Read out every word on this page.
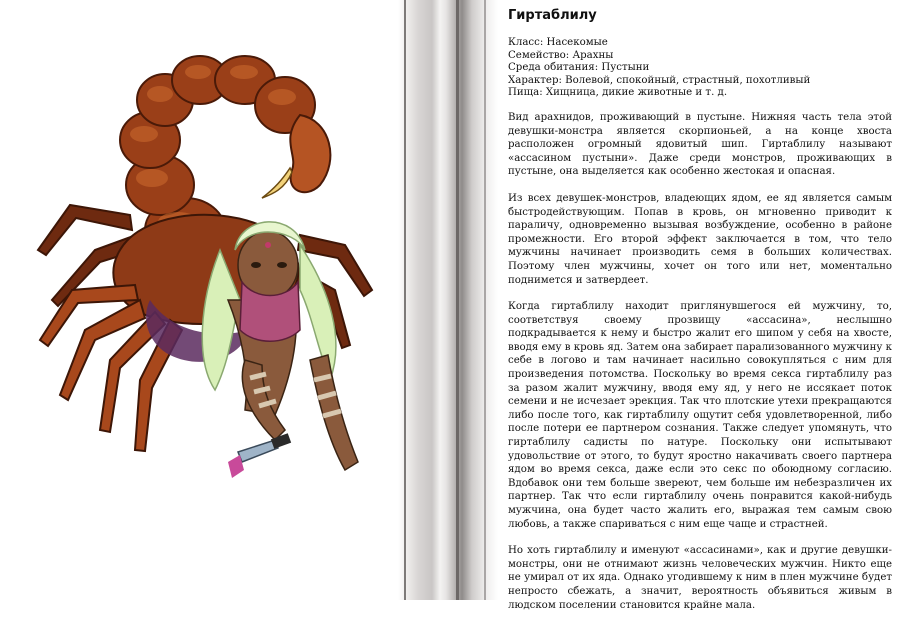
Гиртаблилу

Класс: Насекомые

Семейство: Арахны

Среда обитания: Пустыни

Характер: Волевой, спокойный, страстный, похотливый

Пища: Хищница, дикие животные и т. д.

Вид арахнидов, проживающий в пустыне. Нижняя часть тела этой девушки-монстра является скорпионьей, а на конце хвоста расположен огромный ядовитый шип. Гиртаблилу называют «ассасином пустыни». Даже среди монстров, проживающих в пустыне, она выделяется как особенно жестокая и опасная.

Из всех девушек-монстров, владеющих ядом, ее яд является самым быстродействующим. Попав в кровь, он мгновенно приводит к параличу, одновременно вызывая возбуждение, особенно в районе промежности. Его второй эффект заключается в том, что тело мужчины начинает производить семя в больших количествах. Поэтому член мужчины, хочет он того или нет, моментально поднимется и затвердеет.

Когда гиртаблилу находит приглянувшегося ей мужчину, то, соответствуя своему прозвищу «ассасина», неслышно подкрадывается к нему и быстро жалит его шипом у себя на хвосте, вводя ему в кровь яд. Затем она забирает парализованного мужчину к себе в логово и там начинает насильно совокупляться с ним для произведения потомства. Поскольку во время секса гиртаблилу раз за разом жалит мужчину, вводя ему яд, у него не иссякает поток семени и не исчезает эрекция. Так что плотские утехи прекращаются либо после того, как гиртаблилу ощутит себя удовлетворенной, либо после потери ее партнером сознания. Также следует упомянуть, что гиртаблилу садисты по натуре. Поскольку они испытывают удовольствие от этого, то будут яростно накачивать своего партнера ядом во время секса, даже если это секс по обоюдному согласию. Вдобавок они тем больше звереют, чем больше им небезразличен их партнер. Так что если гиртаблилу очень понравится какой-нибудь мужчина, она будет часто жалить его, выражая тем самым свою любовь, а также спариваться с ним еще чаще и страстней.

Но хоть гиртаблилу и именуют «ассасинами», как и другие девушки-монстры, они не отнимают жизнь человеческих мужчин. Никто еще не умирал от их яда. Однако угодившему к ним в плен мужчине будет непросто сбежать, а значит, вероятность объявиться живым в людском поселении становится крайне мала.
